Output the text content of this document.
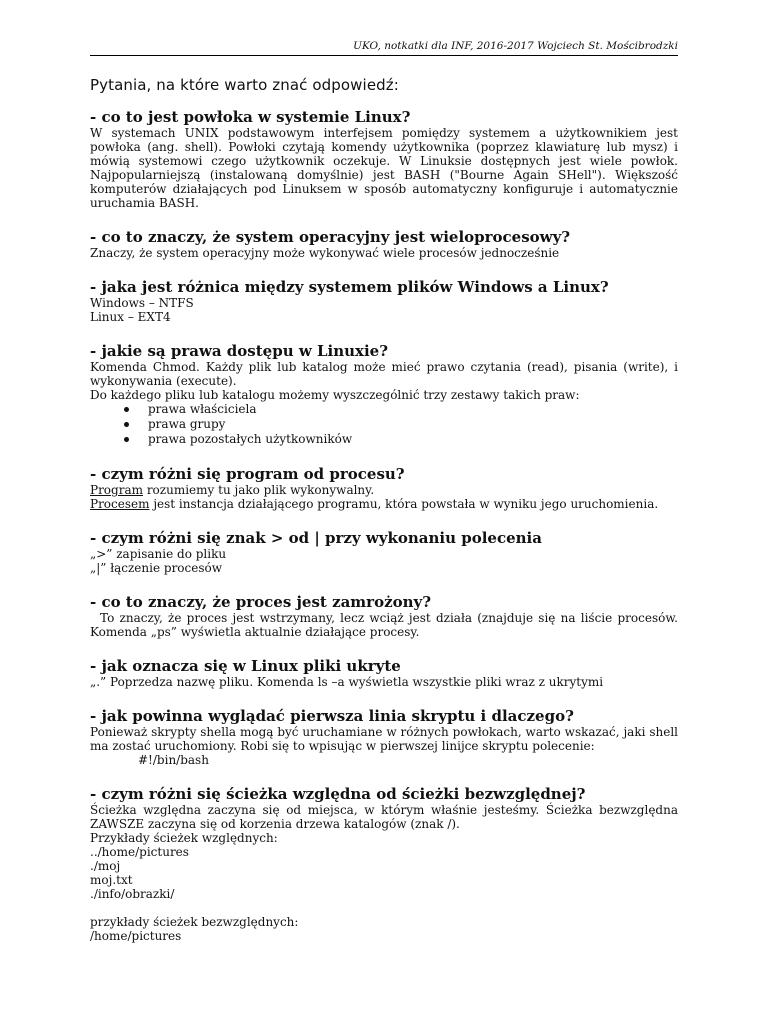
UKO, notkatki dla INF, 2016-2017 Wojciech St. Mościbrodzki
Pytania, na które warto znać odpowiedź:

- co to jest powłoka w systemie Linux?

W systemach UNIX podstawowym interfejsem pomiędzy systemem a użytkownikiem jest powłoka (ang. shell). Powłoki czytają komendy użytkownika (poprzez klawiaturę lub mysz) i mówią systemowi czego użytkownik oczekuje. W Linuksie dostępnych jest wiele powłok. Najpopularniejszą (instalowaną domyślnie) jest BASH ("Bourne Again SHell"). Większość komputerów działających pod Linuksem w sposób automatyczny konfiguruje i automatycznie uruchamia BASH.

- co to znaczy, że system operacyjny jest wieloprocesowy?

Znaczy, że system operacyjny może wykonywać wiele procesów jednocześnie

- jaka jest różnica między systemem plików Windows a Linux?

Windows – NTFS

Linux – EXT4

- jakie są prawa dostępu w Linuxie?

Komenda Chmod. Każdy plik lub katalog może mieć prawo czytania (read), pisania (write), i wykonywania (execute).

Do każdego pliku lub katalogu możemy wyszczególnić trzy zestawy takich praw:

prawa właściciela
prawa grupy
prawa pozostałych użytkowników

- czym różni się program od procesu?

Program rozumiemy tu jako plik wykonywalny.

Procesem jest instancja działającego programu, która powstała w wyniku jego uruchomienia.

- czym różni się znak > od | przy wykonaniu polecenia

„>” zapisanie do pliku

„|” łączenie procesów

- co to znaczy, że proces jest zamrożony?

To znaczy, że proces jest wstrzymany, lecz wciąż jest działa (znajduje się na liście procesów. Komenda „ps” wyświetla aktualnie działające procesy.

- jak oznacza się w Linux pliki ukryte

„.” Poprzedza nazwę pliku. Komenda ls –a wyświetla wszystkie pliki wraz z ukrytymi

- jak powinna wyglądać pierwsza linia skryptu i dlaczego?

Ponieważ skrypty shella mogą być uruchamiane w różnych powłokach, warto wskazać, jaki shell ma zostać uruchomiony. Robi się to wpisując w pierwszej linijce skryptu polecenie:

#!/bin/bash

- czym różni się ścieżka względna od ścieżki bezwzględnej?

Ścieżka względna zaczyna się od miejsca, w którym właśnie jesteśmy. Ścieżka bezwzględna ZAWSZE zaczyna się od korzenia drzewa katalogów (znak /).

Przykłady ścieżek względnych:

../home/pictures

./moj

moj.txt

./info/obrazki/

przykłady ścieżek bezwzględnych:

/home/pictures
